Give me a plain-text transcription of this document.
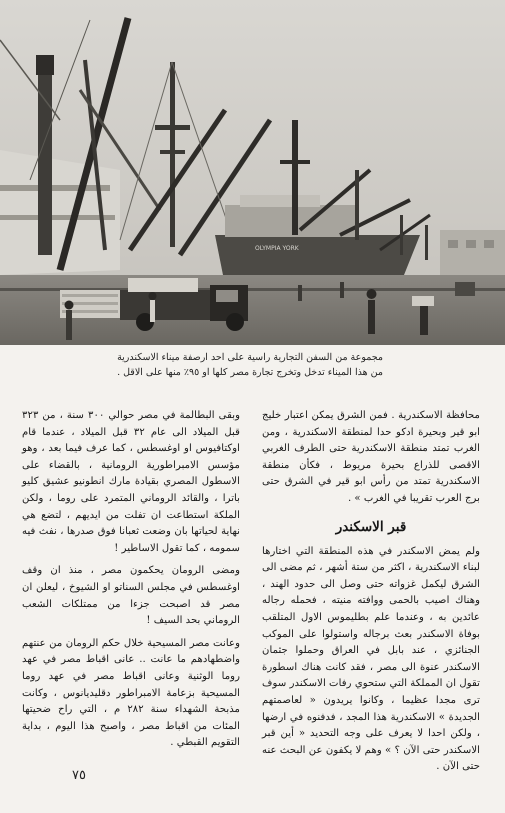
OLYMPIA YORK

مجموعة من السفن التجارية راسية على احد ارصفة ميناء الاسكندرية

من هذا الميناء تدخل وتخرج تجارة مصر كلها او ٩٥٪ منها على الاقل .

محافظة الاسكندرية . فمن الشرق يمكن اعتبار خليج ابو قير وبحيرة ادكو حدا لمنطقة الاسكندرية ، ومن الغرب تمتد منطقة الاسكندرية حتى الطرف الغربي الاقصى للذراع بحيرة مريوط ، فكأن منطقة الاسكندرية تمتد من رأس ابو قير في الشرق حتى برج العرب تقريبا في الغرب » .

قبر الاسكندر

ولم يمض الاسكندر في هذه المنطقة التي اختارها لبناء الاسكندرية ، اكثر من ستة أشهر ، ثم مضى الى الشرق ليكمل غزواته حتى وصل الى حدود الهند ، وهناك اصيب بالحمى ووافته منيته ، فحمله رجاله عائدين به ، وعندما علم بطليموس الاول المتلقب بوفاة الاسكندر بعث برجاله واستولوا على الموكب الجنائزي ، عند بابل في العراق وحملوا جثمان الاسكندر عنوة الى مصر ، فقد كانت هناك اسطورة تقول ان المملكة التي ستحوي رفات الاسكندر سوف ترى مجدا عظيما ، وكانوا يريدون « لعاصمتهم الجديدة » الاسكندرية هذا المجد ، فدفنوه في ارضها ، ولكن احدا لا يعرف على وجه التحديد « أين قبر الاسكندر حتى الآن ؟ » وهم لا يكفون عن البحث عنه حتى الآن .

وبقى البطالمة في مصر حوالي ٣٠٠ سنة ، من ٣٢٣ قبل الميلاد الى عام ٣٢ قبل الميلاد ، عندما قام اوكتافيوس او اوغسطس ، كما عرف فيما بعد ، وهو مؤسس الامبراطورية الرومانية ، بالقضاء على الاسطول المصري بقيادة مارك انطونيو عشيق كليو باترا ، والقائد الروماني المتمرد على روما ، ولكن الملكة استطاعت ان تفلت من ايديهم ، لتضع هي نهاية لحياتها بان وضعت ثعبانا فوق صدرها ، نفث فيه سمومه ، كما تقول الاساطير !

ومضى الرومان يحكمون مصر ، منذ ان وقف اوغسطس في مجلس السناتو او الشيوخ ، ليعلن ان مصر قد اصبحت جزءا من ممتلكات الشعب الروماني بحد السيف !

وعانت مصر المسيحية خلال حكم الرومان من عنتهم واضطهادهم ما عانت .. عانى اقباط مصر في عهد روما الوثنية وعانى اقباط مصر في عهد روما المسيحية بزعامة الامبراطور دقليديانوس ، وكانت مذبحة الشهداء سنة ٢٨٢ م ، التي راح ضحيتها المئات من اقباط مصر ، واصبح هذا اليوم ، بداية التقويم القبطي .

٧٥
